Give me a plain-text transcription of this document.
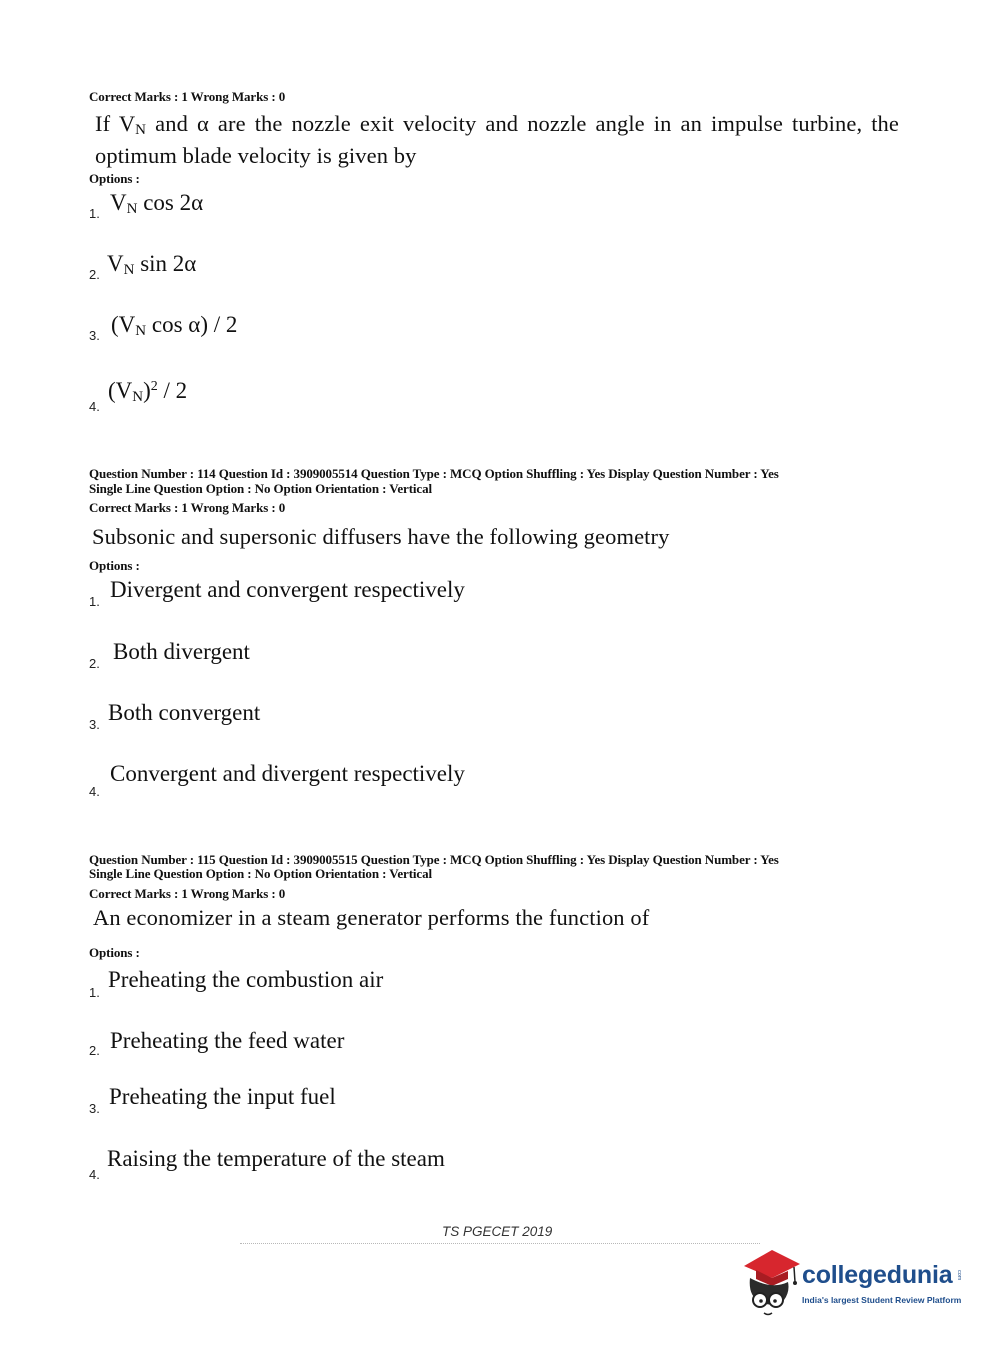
Correct Marks : 1 Wrong Marks : 0
If $V_N$ and α are the nozzle exit velocity and nozzle angle in an impulse turbine, the optimum blade velocity is given by
Options :
1. $V_N$ cos 2α
2. $V_N$ sin 2α
3. ($V_N$ cos α) / 2
4.
$(V_N)^2 / 2$
Question Number : 114 Question Id : 3909005514 Question Type : MCQ Option Shuffling : Yes Display Question Number : Yes
Single Line Question Option : No Option Orientation : Vertical
Correct Marks : 1 Wrong Marks : 0
Subsonic and supersonic diffusers have the following geometry
Options :
1. Divergent and convergent respectively
2. Both divergent
3. Both convergent
4.
Convergent and divergent respectively
Question Number : 115 Question Id : 3909005515 Question Type : MCQ Option Shuffling : Yes Display Question Number : Yes
Single Line Question Option : No Option Orientation : Vertical
Correct Marks : 1 Wrong Marks : 0
An economizer in a steam generator performs the function of
Options :
1.
Preheating the combustion air
2. Preheating the feed water
3. Preheating the input fuel
4.
Raising the temperature of the steam
TS PGECET 2019
collegedunia com
India's largest Student Review Platform
